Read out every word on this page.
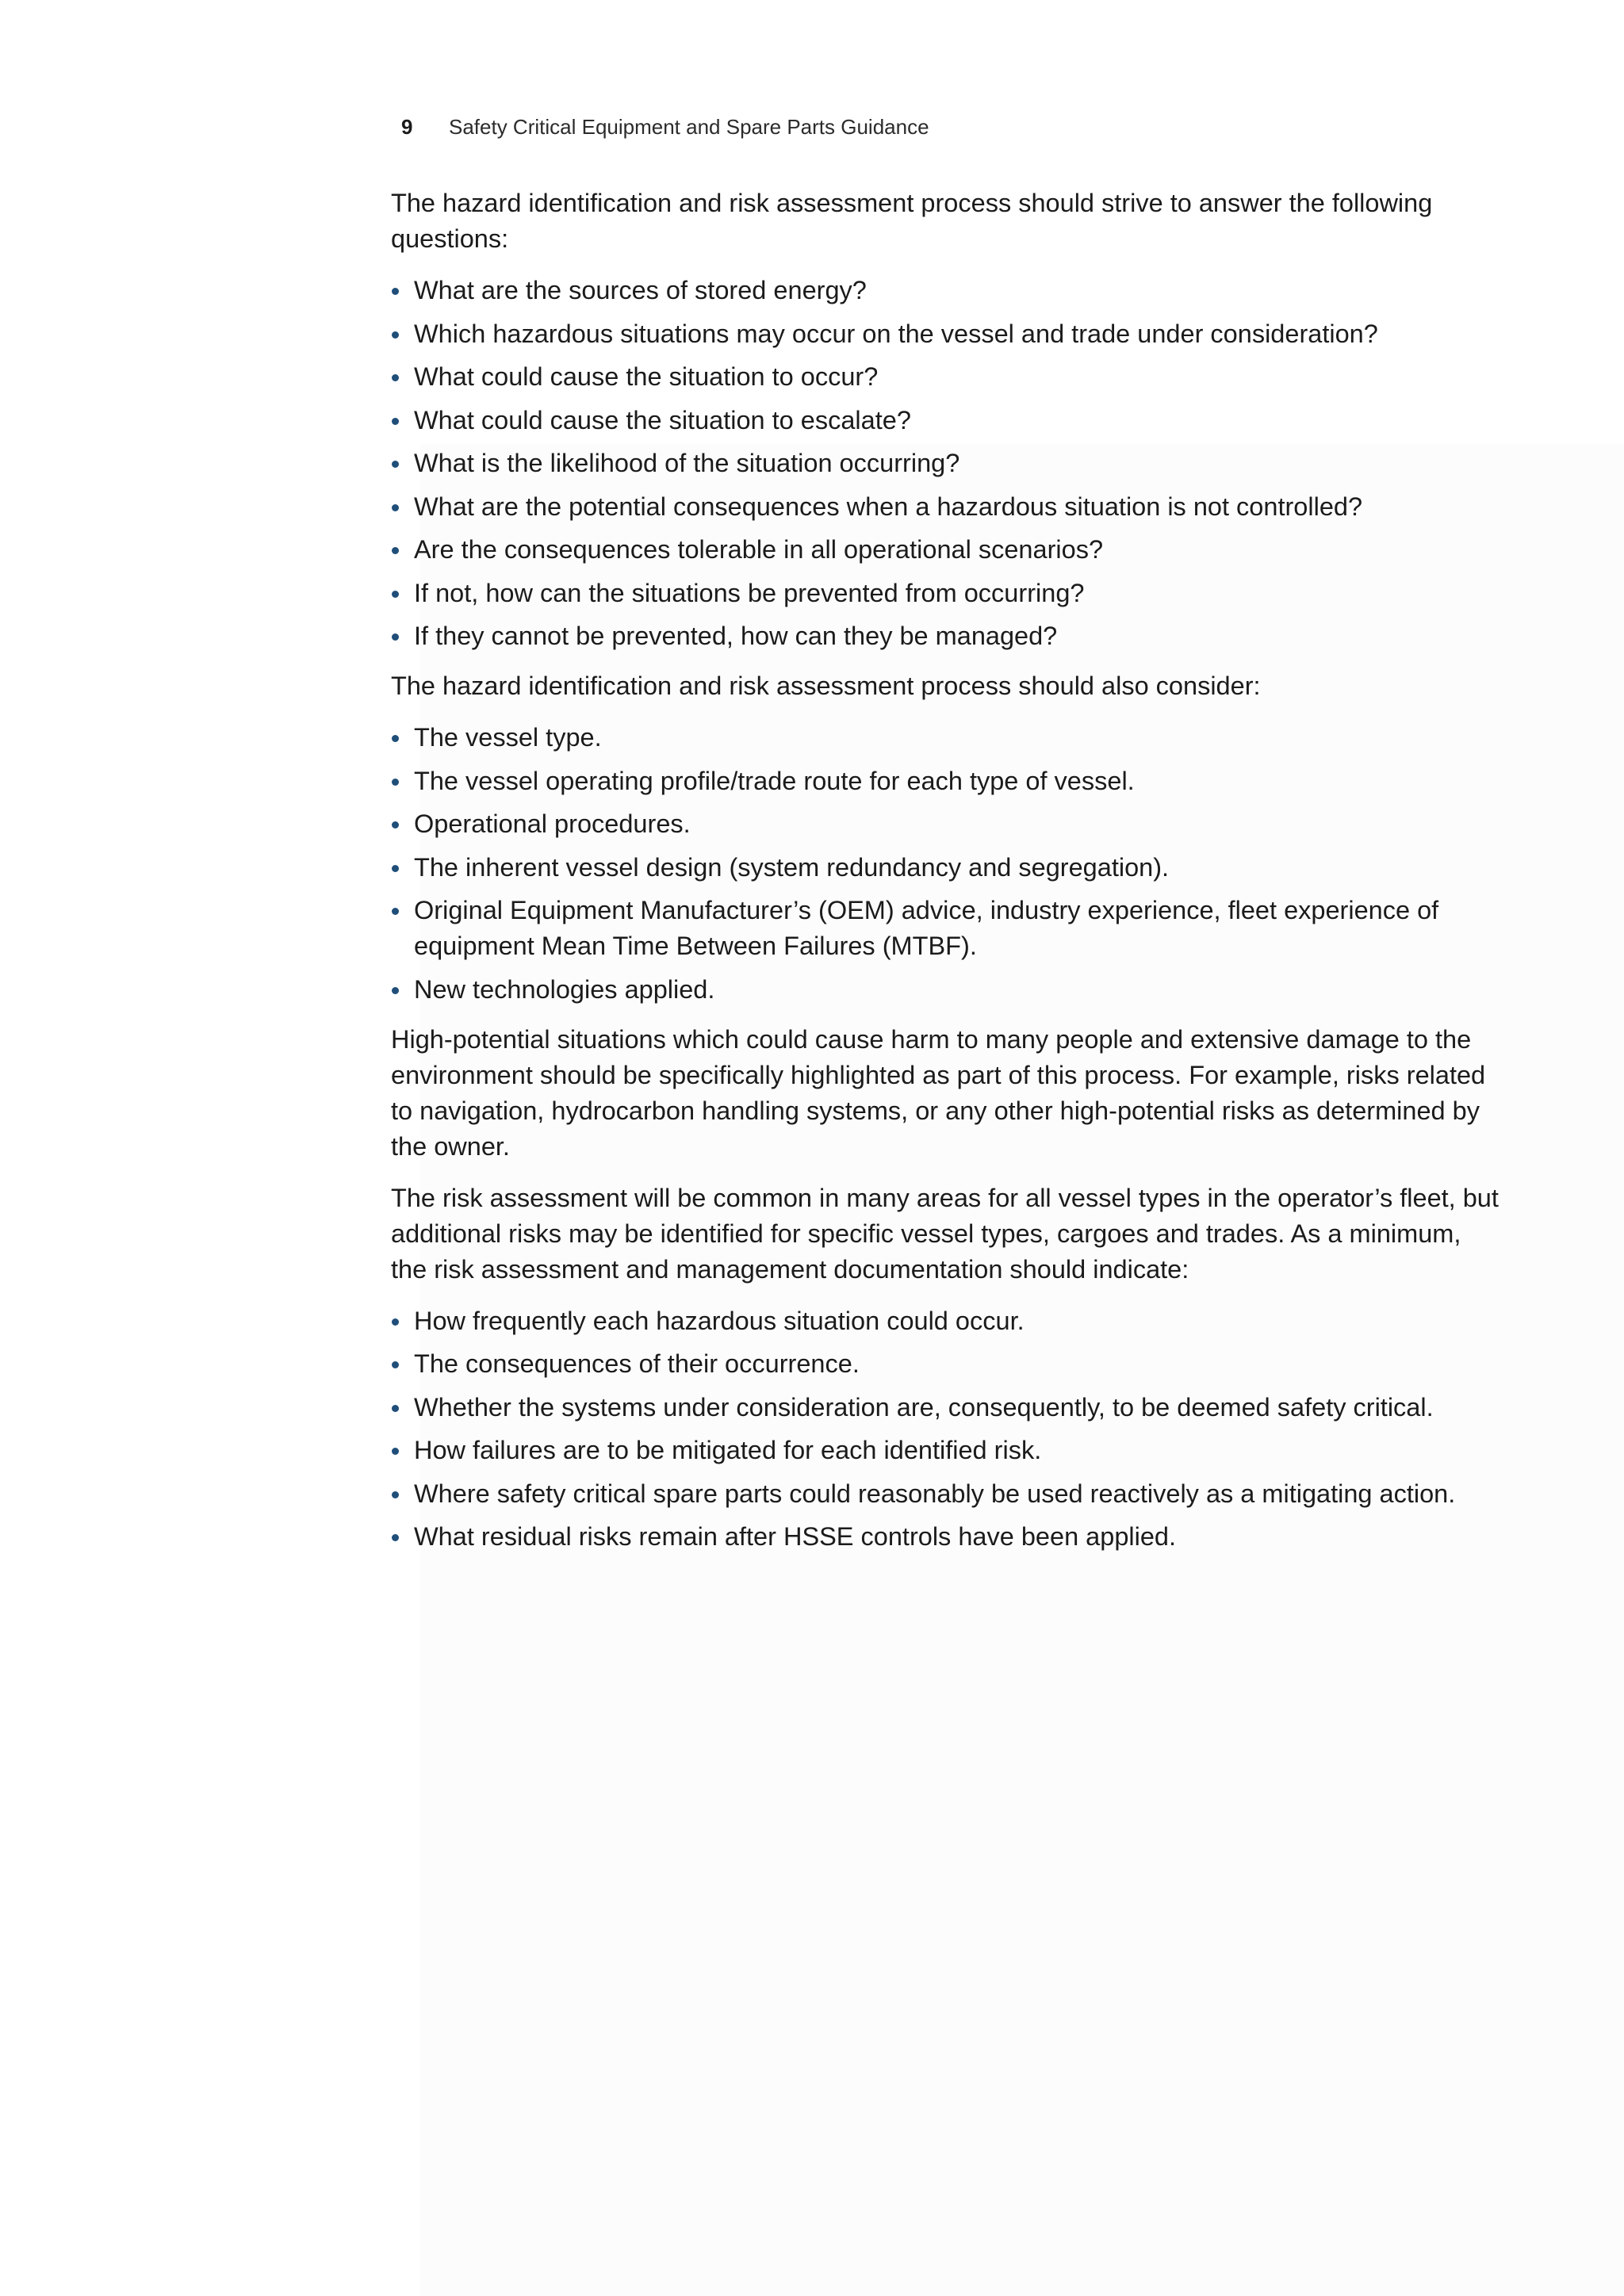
9	Safety Critical Equipment and Spare Parts Guidance

The hazard identification and risk assessment process should strive to answer the following questions:

What are the sources of stored energy?
Which hazardous situations may occur on the vessel and trade under consideration?
What could cause the situation to occur?
What could cause the situation to escalate?
What is the likelihood of the situation occurring?
What are the potential consequences when a hazardous situation is not controlled?
Are the consequences tolerable in all operational scenarios?
If not, how can the situations be prevented from occurring?
If they cannot be prevented, how can they be managed?

The hazard identification and risk assessment process should also consider:

The vessel type.
The vessel operating profile/trade route for each type of vessel.
Operational procedures.
The inherent vessel design (system redundancy and segregation).
Original Equipment Manufacturer’s (OEM) advice, industry experience, fleet experience of equipment Mean Time Between Failures (MTBF).
New technologies applied.

High-potential situations which could cause harm to many people and extensive damage to the environment should be specifically highlighted as part of this process. For example, risks related to navigation, hydrocarbon handling systems, or any other high-potential risks as determined by the owner.

The risk assessment will be common in many areas for all vessel types in the operator’s fleet, but additional risks may be identified for specific vessel types, cargoes and trades. As a minimum, the risk assessment and management documentation should indicate:

How frequently each hazardous situation could occur.
The consequences of their occurrence.
Whether the systems under consideration are, consequently, to be deemed safety critical.
How failures are to be mitigated for each identified risk.
Where safety critical spare parts could reasonably be used reactively as a mitigating action.
What residual risks remain after HSSE controls have been applied.
